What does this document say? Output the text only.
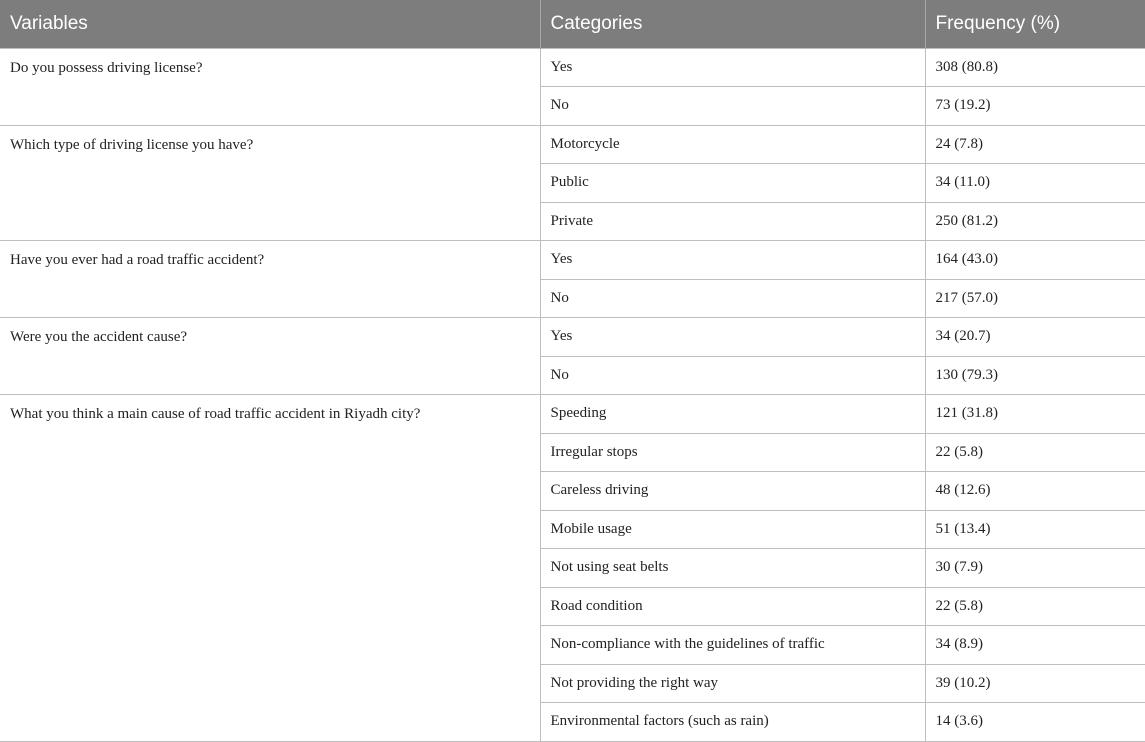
Variables	Categories	Frequency (%)
Do you possess driving license?	Yes	308 (80.8)
	No	73 (19.2)
Which type of driving license you have?	Motorcycle	24 (7.8)
	Public	34 (11.0)
	Private	250 (81.2)
Have you ever had a road traffic accident?	Yes	164 (43.0)
	No	217 (57.0)
Were you the accident cause?	Yes	34 (20.7)
	No	130 (79.3)
What you think a main cause of road traffic accident in Riyadh city?	Speeding	121 (31.8)
	Irregular stops	22 (5.8)
	Careless driving	48 (12.6)
	Mobile usage	51 (13.4)
	Not using seat belts	30 (7.9)
	Road condition	22 (5.8)
	Non-compliance with the guidelines of traffic	34 (8.9)
	Not providing the right way	39 (10.2)
	Environmental factors (such as rain)	14 (3.6)
